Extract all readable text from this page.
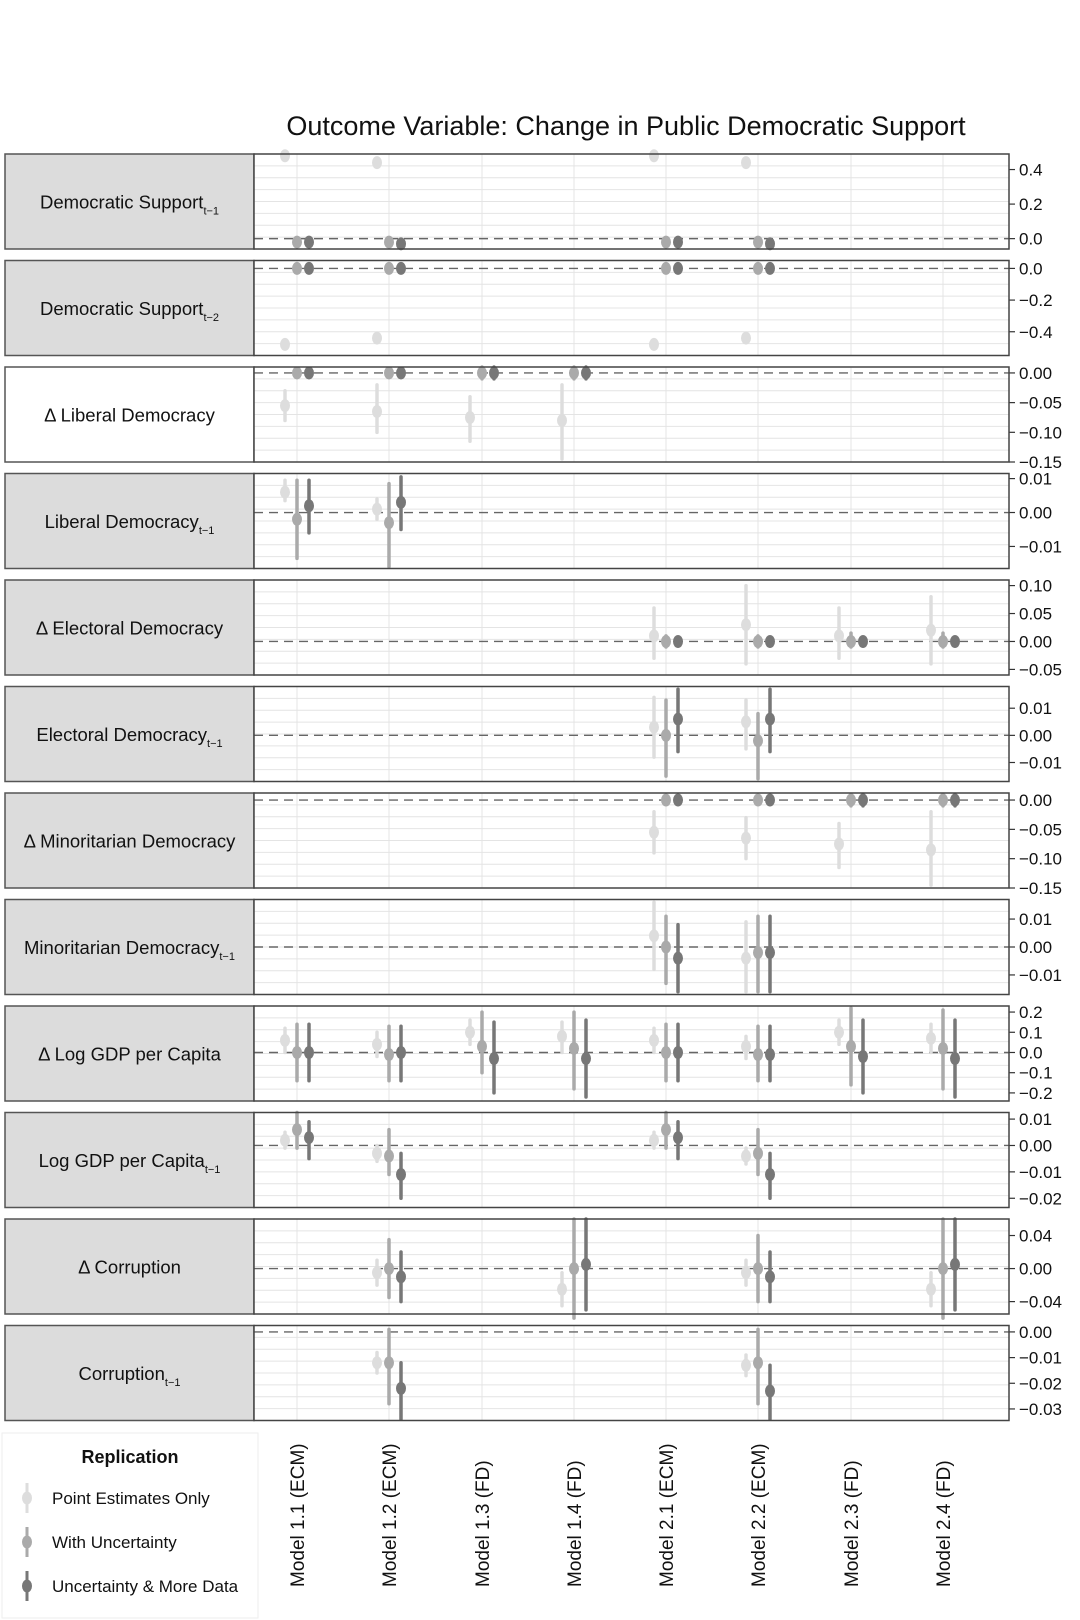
Outcome Variable: Change in Public Democratic Support
Democratic Support$_{t-1}$
0.4
0.2
0.0
Democratic Support$_{t-2}$
0.0
−0.2
−0.4
Δ Liberal Democracy
0.00
−0.05
−0.10
−0.15
Liberal Democracy$_{t-1}$
0.01
0.00
−0.01
Δ Electoral Democracy
0.10
0.05
0.00
−0.05
Electoral Democracy$_{t-1}$
0.01
0.00
−0.01
Δ Minoritarian Democracy
0.00
−0.05
−0.10
−0.15
Minoritarian Democracy$_{t-1}$
0.01
0.00
−0.01
Δ Log GDP per Capita
0.2
0.1
0.0
−0.1
−0.2
Log GDP per Capita$_{t-1}$
0.01
0.00
−0.01
−0.02
Δ Corruption
0.04
0.00
−0.04
Corruption$_{t-1}$
0.00
−0.01
−0.02
−0.03
Model 1.1 (ECM)	Model 1.2 (ECM)	Model 1.3 (FD)	Model 1.4 (FD)	Model 2.1 (ECM)	Model 2.2 (ECM)	Model 2.3 (FD)	Model 2.4 (FD)
Replication
Point Estimates Only
With Uncertainty
Uncertainty & More Data
